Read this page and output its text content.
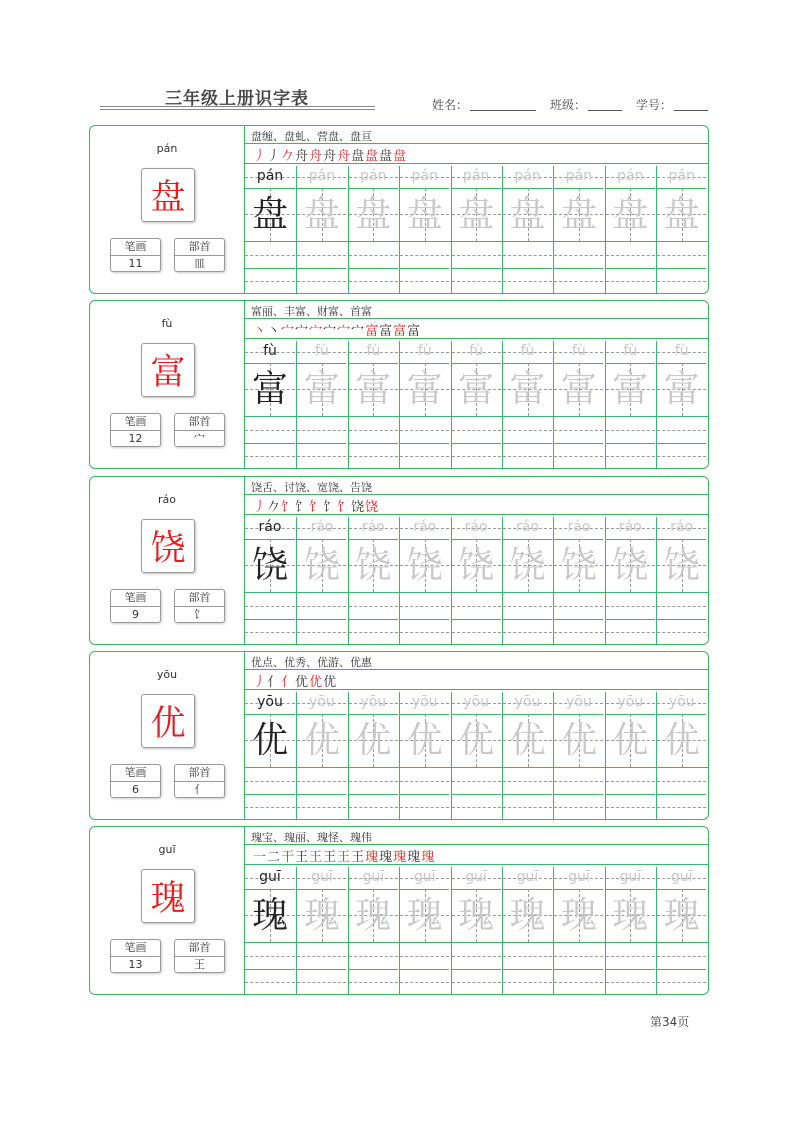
三年级上册识字表	姓名：	班级：	学号：
pán
盘
笔画
11
部首
皿
盘缠、盘虬、营盘、盘亘
丿丿𠂊舟舟舟舟盘盘盘盘
pán
盘
pán
盘
pán
盘
pán
盘
pán
盘
pán
盘
pán
盘
pán
盘
pán
盘
fù
富
笔画
12
部首
宀
富丽、丰富、财富、首富
丶丶宀宀宀宀宀宀富富富富
fù
富
fù
富
fù
富
fù
富
fù
富
fù
富
fù
富
fù
富
fù
富
ráo
饶
笔画
9
部首
饣
饶舌、讨饶、宽饶、告饶
丿𠂊饣饣饣饣饣饶饶
ráo
饶
ráo
饶
ráo
饶
ráo
饶
ráo
饶
ráo
饶
ráo
饶
ráo
饶
ráo
饶
yōu
优
笔画
6
部首
亻
优点、优秀、优游、优惠
丿亻亻优优优
yōu
优
yōu
优
yōu
优
yōu
优
yōu
优
yōu
优
yōu
优
yōu
优
yōu
优
guī
瑰
笔画
13
部首
王
瑰宝、瑰丽、瑰怪、瑰伟
一二干王王王王王瑰瑰瑰瑰瑰
guī
瑰
guī
瑰
guī
瑰
guī
瑰
guī
瑰
guī
瑰
guī
瑰
guī
瑰
guī
瑰
第34页
